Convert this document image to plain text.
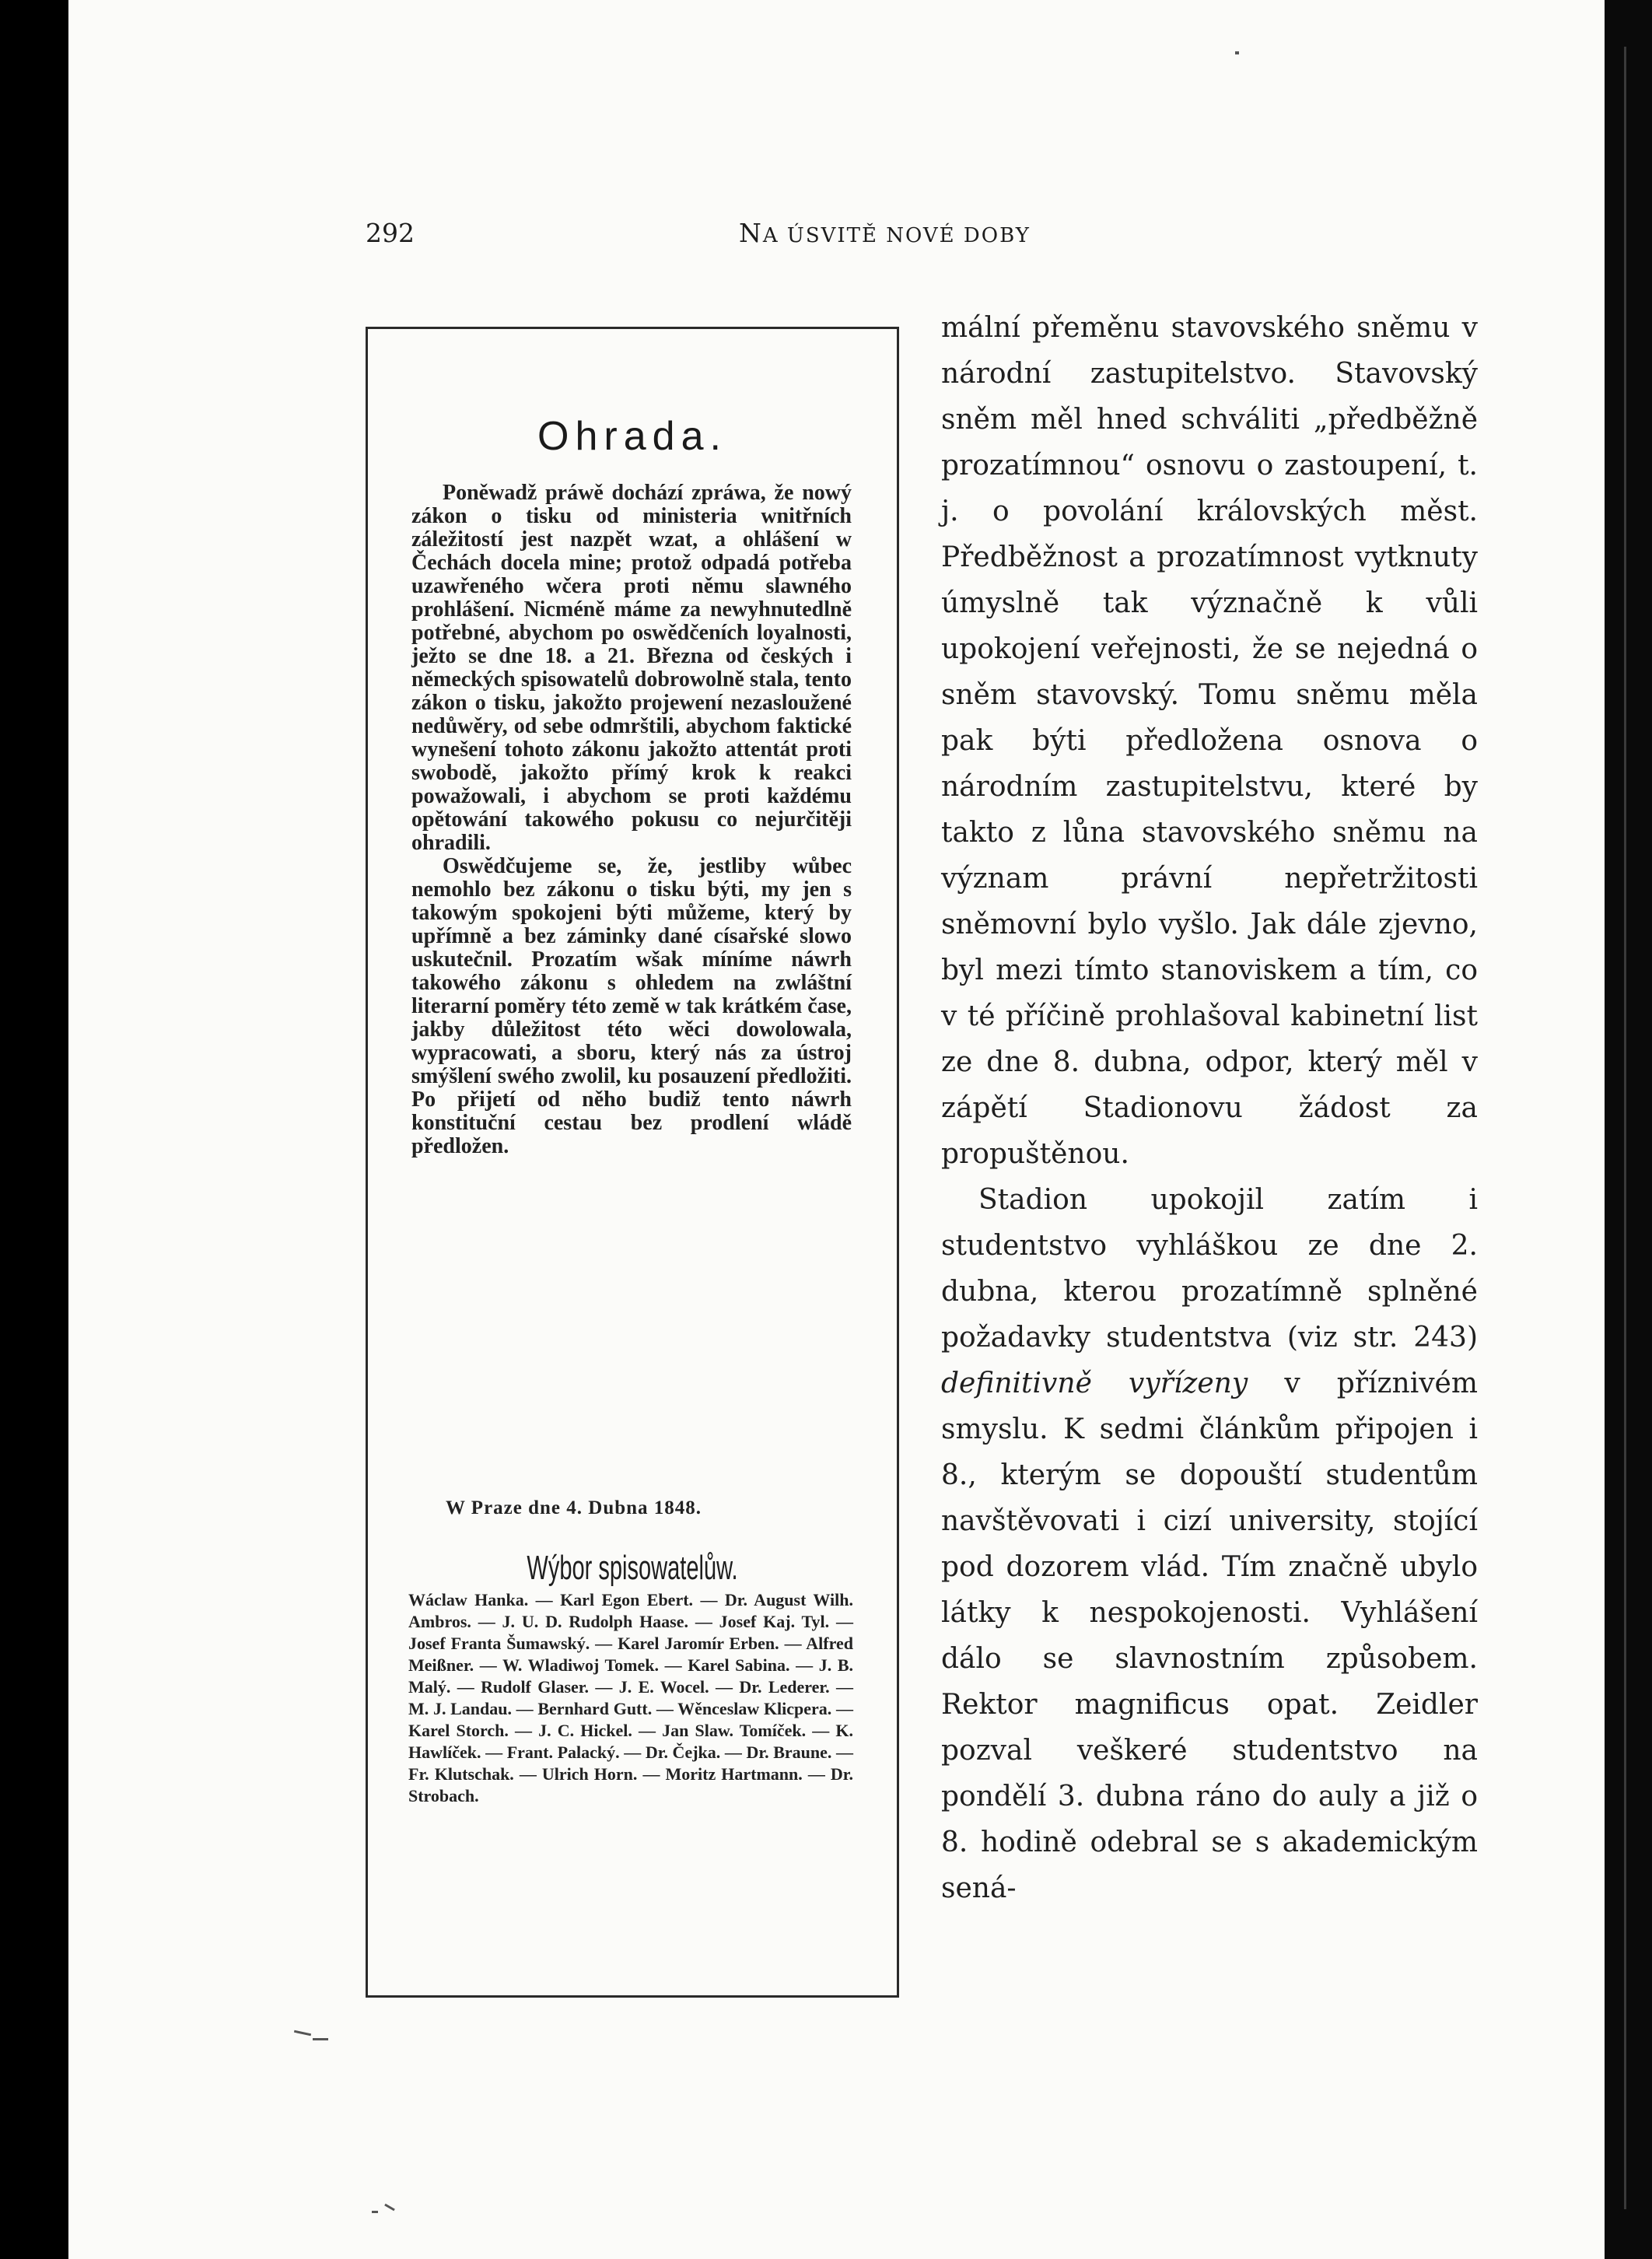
292	NA ÚSVITĚ NOVÉ DOBY
Ohrada.

Poněwadž práwě dochází zpráwa, že nowý zákon o tisku od ministeria wnitřních záležitostí jest nazpět wzat, a ohlášení w Čechách docela mine; protož odpadá potřeba uzawřeného wčera proti němu slawného prohlášení. Nicméně máme za newyhnutedlně potřebné, abychom po oswědčeních loyalnosti, ježto se dne 18. a 21. Března od českých i německých spisowatelů dobrowolně stala, tento zákon o tisku, jakožto projewení nezasloužené nedůwěry, od sebe odmrštili, abychom faktické wynešení tohoto zákonu jakožto attentát proti swobodě, jakožto přímý krok k reakci powažowali, i abychom se proti každému opětowání takowého pokusu co nejurčitěji ohradili.

Oswědčujeme se, že, jestliby wůbec nemohlo bez zákonu o tisku býti, my jen s takowým spokojeni býti můžeme, který by upřímně a bez záminky dané císařské slowo uskutečnil. Prozatím wšak míníme náwrh takowého zákonu s ohledem na zwláštní literarní poměry této země w tak krátkém čase, jakby důležitost této wěci dowolowala, wypracowati, a sboru, který nás za ústroj smýšlení swého zwolil, ku posauzení předložiti. Po přijetí od něho budiž tento náwrh konstituční cestau bez prodlení wládě předložen.

W Praze dne 4. Dubna 1848.
Wýbor spisowatelůw.
Wáclaw Hanka. — Karl Egon Ebert. — Dr. August Wilh. Ambros. — J. U. D. Rudolph Haase. — Josef Kaj. Tyl. — Josef Franta Šumawský. — Karel Jaromír Erben. — Alfred Meißner. — W. Wladiwoj Tomek. — Karel Sabina. — J. B. Malý. — Rudolf Glaser. — J. E. Wocel. — Dr. Lederer. — M. J. Landau. — Bernhard Gutt. — Wěnceslaw Klicpera. — Karel Storch. — J. C. Hickel. — Jan Slaw. Tomíček. — K. Hawlíček. — Frant. Palacký. — Dr. Čejka. — Dr. Braune. — Fr. Klutschak. — Ulrich Horn. — Moritz Hartmann. — Dr. Strobach.

mální přeměnu stavovského sněmu v národní zastupitelstvo. Stavovský sněm měl hned schváliti „předběžně prozatímnou“ osnovu o zastoupení, t. j. o povolání královských měst. Předběžnost a prozatímnost vytknuty úmyslně tak význačně k vůli upokojení veřejnosti, že se nejedná o sněm stavovský. Tomu sněmu měla pak býti předložena osnova o národním zastupitelstvu, které by takto z lůna stavovského sněmu na význam právní nepřetržitosti sněmovní bylo vyšlo. Jak dále zjevno, byl mezi tímto stanoviskem a tím, co v té příčině prohlašoval kabinetní list ze dne 8. dubna, odpor, který měl v zápětí Stadionovu žádost za propuštěnou.

Stadion upokojil zatím i studentstvo vyhláškou ze dne 2. dubna, kterou prozatímně splněné požadavky studentstva (viz str. 243) definitivně vyřízeny v příznivém smyslu. K sedmi článkům připojen i 8., kterým se dopouští studentům navštěvovati i cizí university, stojící pod dozorem vlád. Tím značně ubylo látky k nespokojenosti. Vyhlášení dálo se slavnostním způsobem. Rektor magnificus opat. Zeidler pozval veškeré studentstvo na pondělí 3. dubna ráno do auly a již o 8. hodině odebral se s akademickým sená-
